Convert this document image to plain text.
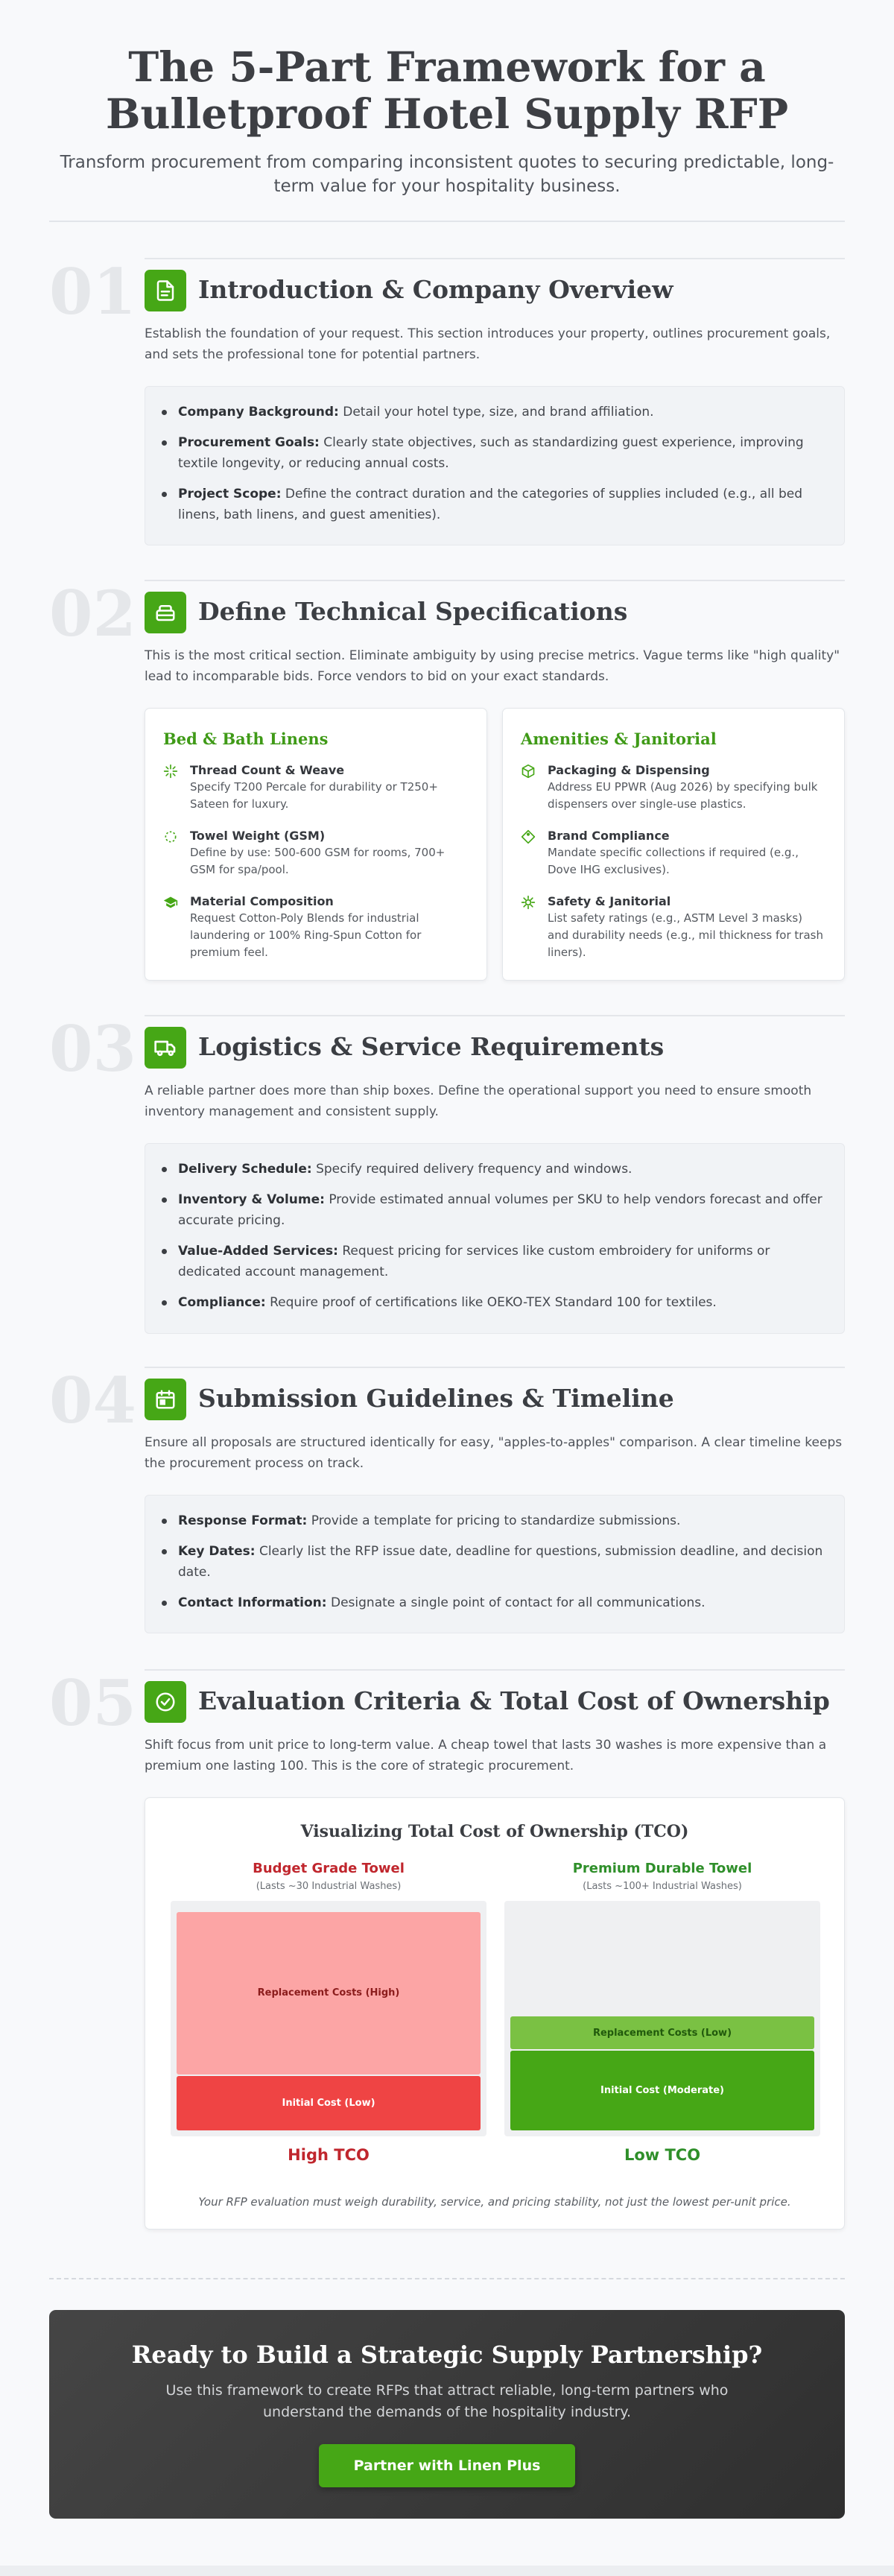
The 5-Part Framework for a Bulletproof Hotel Supply RFP

Transform procurement from comparing inconsistent quotes to securing predictable, long-term value for your hospitality business.

01	Introduction & Company Overview
Establish the foundation of your request. This section introduces your property, outlines procurement goals, and sets the professional tone for potential partners.
Company Background: Detail your hotel type, size, and brand affiliation.
Procurement Goals: Clearly state objectives, such as standardizing guest experience, improving textile longevity, or reducing annual costs.
Project Scope: Define the contract duration and the categories of supplies included (e.g., all bed linens, bath linens, and guest amenities).
02	Define Technical Specifications
This is the most critical section. Eliminate ambiguity by using precise metrics. Vague terms like "high quality" lead to incomparable bids. Force vendors to bid on your exact standards.
Bed & Bath Linens
Thread Count & Weave
Specify T200 Percale for durability or T250+ Sateen for luxury.
Towel Weight (GSM)
Define by use: 500-600 GSM for rooms, 700+ GSM for spa/pool.
Material Composition
Request Cotton-Poly Blends for industrial laundering or 100% Ring-Spun Cotton for premium feel.
Amenities & Janitorial
Packaging & Dispensing
Address EU PPWR (Aug 2026) by specifying bulk dispensers over single-use plastics.
Brand Compliance
Mandate specific collections if required (e.g., Dove IHG exclusives).
Safety & Janitorial
List safety ratings (e.g., ASTM Level 3 masks) and durability needs (e.g., mil thickness for trash liners).
03	Logistics & Service Requirements
A reliable partner does more than ship boxes. Define the operational support you need to ensure smooth inventory management and consistent supply.
Delivery Schedule: Specify required delivery frequency and windows.
Inventory & Volume: Provide estimated annual volumes per SKU to help vendors forecast and offer accurate pricing.
Value-Added Services: Request pricing for services like custom embroidery for uniforms or dedicated account management.
Compliance: Require proof of certifications like OEKO-TEX Standard 100 for textiles.
04	Submission Guidelines & Timeline
Ensure all proposals are structured identically for easy, "apples-to-apples" comparison. A clear timeline keeps the procurement process on track.
Response Format: Provide a template for pricing to standardize submissions.
Key Dates: Clearly list the RFP issue date, deadline for questions, submission deadline, and decision date.
Contact Information: Designate a single point of contact for all communications.
05	Evaluation Criteria & Total Cost of Ownership
Shift focus from unit price to long-term value. A cheap towel that lasts 30 washes is more expensive than a premium one lasting 100. This is the core of strategic procurement.
Visualizing Total Cost of Ownership (TCO)
Budget Grade Towel
(Lasts ~30 Industrial Washes)
Replacement Costs (High)
Initial Cost (Low)
High TCO
Premium Durable Towel
(Lasts ~100+ Industrial Washes)
Replacement Costs (Low)
Initial Cost (Moderate)
Low TCO
Your RFP evaluation must weigh durability, service, and pricing stability, not just the lowest per-unit price.
Ready to Build a Strategic Supply Partnership?

Use this framework to create RFPs that attract reliable, long-term partners who understand the demands of the hospitality industry.

Partner with Linen Plus
